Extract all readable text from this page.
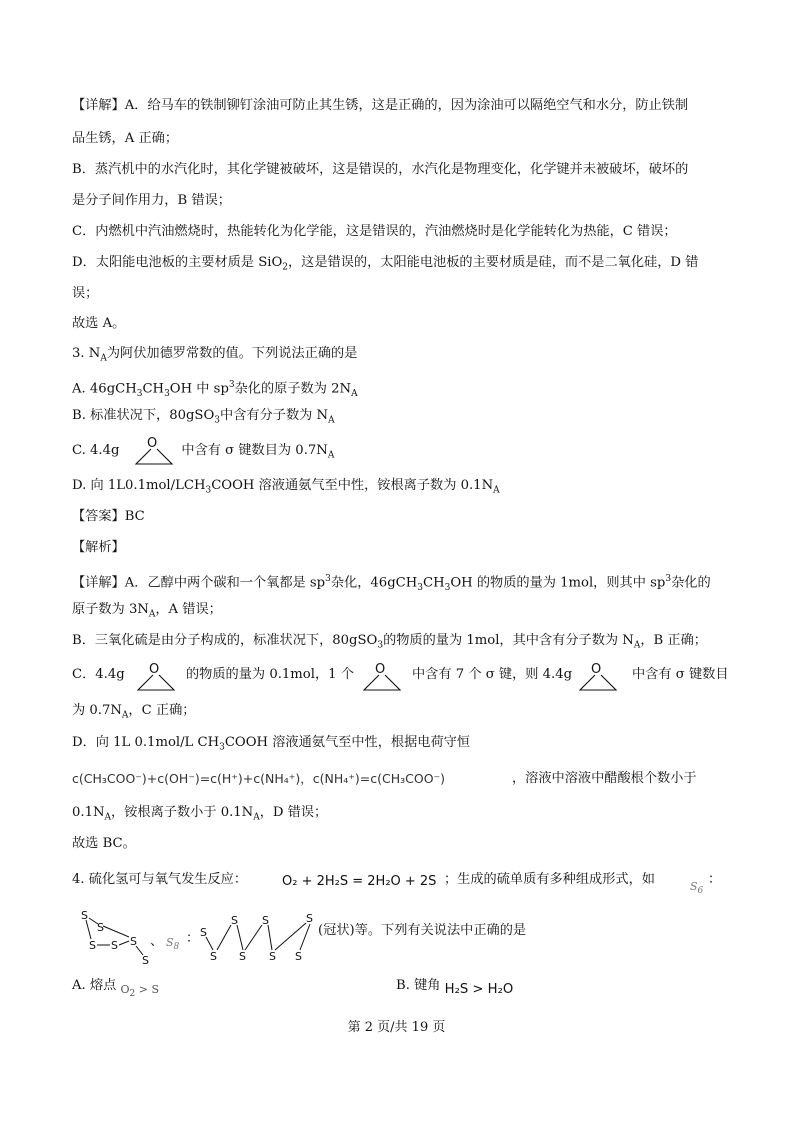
【详解】A．给马车的铁制铆钉涂油可防止其生锈，这是正确的，因为涂油可以隔绝空气和水分，防止铁制
品生锈，A 正确；
B．蒸汽机中的水汽化时，其化学键被破坏，这是错误的，水汽化是物理变化，化学键并未被破坏，破坏的
是分子间作用力，B 错误；
C．内燃机中汽油燃烧时，热能转化为化学能，这是错误的，汽油燃烧时是化学能转化为热能，C 错误；
D．太阳能电池板的主要材质是 SiO$_2$，这是错误的，太阳能电池板的主要材质是硅，而不是二氧化硅，D 错
误；
故选 A。
3. $N_A$为阿伏加德罗常数的值。下列说法正确的是
A. $46gCH_3CH_3OH$ 中 $sp^3$杂化的原子数为 $2N_A$
B. 标准状况下，80gSO$_3$中含有分子数为 $N_A$
C. 4.4g	中含有 σ 键数目为 $0.7N_A$
O
D. 向 $1L0.1mol/LCH_3COOH$ 溶液通氨气至中性，铵根离子数为 $0.1N_A$
【答案】BC
【解析】
【详解】A．乙醇中两个碳和一个氧都是 $sp^3$杂化，$46gCH_3CH_3OH$ 的物质的量为 1mol，则其中 $sp^3$杂化的
原子数为 $3N_A$，A 错误；
B．三氧化硫是由分子构成的，标准状况下，80gSO$_3$的物质的量为 1mol，其中含有分子数为 $N_A$，B 正确；
C．4.4g O 的物质的量为 0.1mol，1 个 O 中含有 7 个 σ 键，则 4.4g O 中含有 σ 键数目
为 $0.7N_A$，C 正确；
D．向 1L 0.1mol/L $CH_3COOH$ 溶液通氨气至中性，根据电荷守恒
c(CH₃COO⁻)+c(OH⁻)=c(H⁺)+c(NH₄⁺)，c(NH₄⁺)=c(CH₃COO⁻)	，溶液中溶液中醋酸根个数小于
$0.1N_A$，铵根离子数小于 $0.1N_A$，D 错误；
故选 BC。
4. 硫化氢可与氧气发生反应：	O₂ + 2H₂S = 2H₂O + 2S ；生成的硫单质有多种组成形式，如	$S_6$
：
S
S
S S S
S
、 $S_8$
： S
S S	S
S S S S
(冠状)等。下列有关说法中正确的是
A. 熔点 $_{O_2 > S}$	B. 键角 H₂S > H₂O
第 2 页/共 19 页
